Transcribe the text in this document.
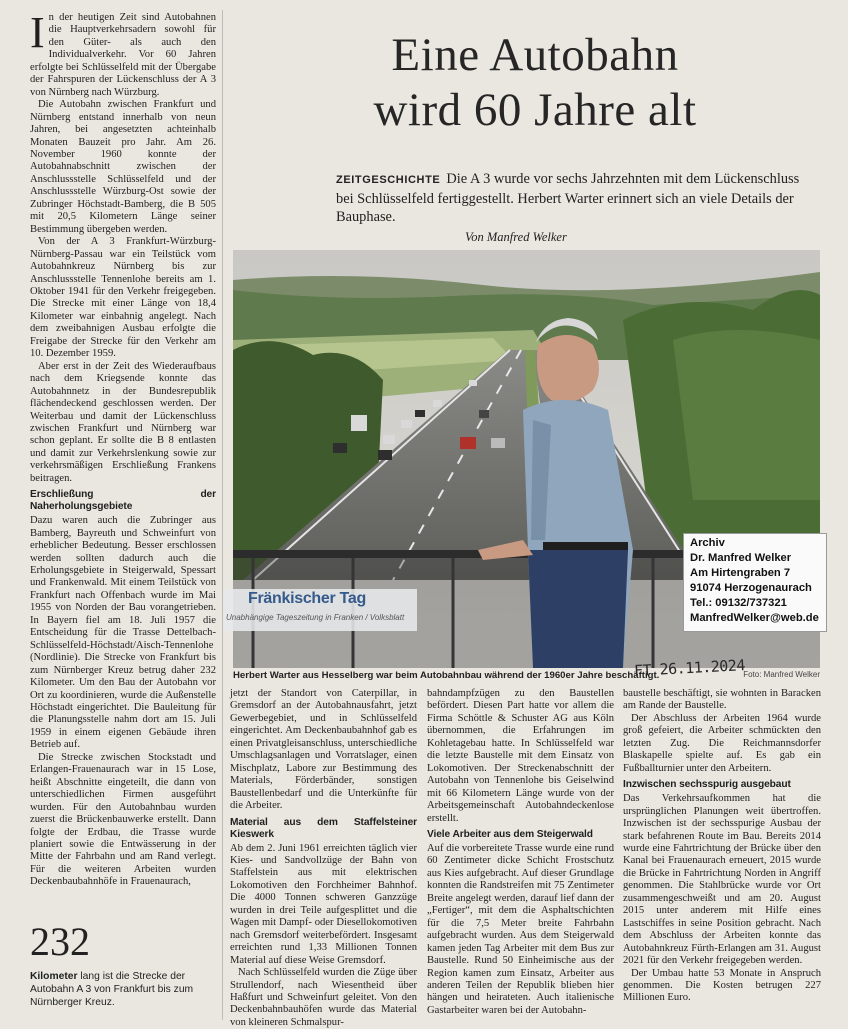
I n der heutigen Zeit sind Autobahnen die Hauptverkehrsadern sowohl für den Güter- als auch den Individualverkehr. Vor 60 Jahren erfolgte bei Schlüsselfeld mit der Übergabe der Fahrspuren der Lückenschluss der A 3 von Nürnberg nach Würzburg.

Die Autobahn zwischen Frankfurt und Nürnberg entstand innerhalb von neun Jahren, bei angesetzten achteinhalb Monaten Bauzeit pro Jahr. Am 26. November 1960 konnte der Autobahnabschnitt zwischen der Anschlussstelle Schlüsselfeld und der Anschlussstelle Würzburg-Ost sowie der Zubringer Höchstadt-Bamberg, die B 505 mit 20,5 Kilometern Länge seiner Bestimmung übergeben werden.

Von der A 3 Frankfurt-Würzburg-Nürnberg-Passau war ein Teilstück vom Autobahnkreuz Nürnberg bis zur Anschlussstelle Tennenlohe bereits am 1. Oktober 1941 für den Verkehr freigegeben. Die Strecke mit einer Länge von 18,4 Kilometer war einbahnig angelegt. Nach dem zweibahnigen Ausbau erfolgte die Freigabe der Strecke für den Verkehr am 10. Dezember 1959.

Aber erst in der Zeit des Wiederaufbaus nach dem Kriegsende konnte das Autobahnnetz in der Bundesrepublik flächendeckend geschlossen werden. Der Weiterbau und damit der Lückenschluss zwischen Frankfurt und Nürnberg war schon geplant. Er sollte die B 8 entlasten und damit zur Verkehrslenkung sowie zur verkehrsmäßigen Erschließung Frankens beitragen.

Erschließung der Naherholungsgebiete

Dazu waren auch die Zubringer aus Bamberg, Bayreuth und Schweinfurt von erheblicher Bedeutung. Besser erschlossen werden sollten dadurch auch die Erholungsgebiete in Steigerwald, Spessart und Frankenwald. Mit einem Teilstück von Frankfurt nach Offenbach wurde im Mai 1955 von Norden der Bau vorangetrieben. In Bayern fiel am 18. Juli 1957 die Entscheidung für die Trasse Dettelbach-Schlüsselfeld-Höchstadt/Aisch-Tennenlohe (Nordlinie). Die Strecke von Frankfurt bis zum Nürnberger Kreuz betrug daher 232 Kilometer. Um den Bau der Autobahn vor Ort zu koordinieren, wurde die Außenstelle Höchstadt eingerichtet. Die Bauleitung für die Planungsstelle nahm dort am 15. Juli 1959 in einem eigenen Gebäude ihren Betrieb auf.

Die Strecke zwischen Stockstadt und Erlangen-Frauenaurach war in 15 Lose, heißt Abschnitte eingeteilt, die dann von unterschiedlichen Firmen ausgeführt wurden. Für den Autobahnbau wurden zuerst die Brückenbauwerke erstellt. Dann folgte der Erdbau, die Trasse wurde planiert sowie die Entwässerung in der Mitte der Fahrbahn und am Rand verlegt. Für die weiteren Arbeiten wurden Deckenbaubahnhöfe in Frauenaurach,

Eine Autobahn
wird 60 Jahre alt
ZEITGESCHICHTE Die A 3 wurde vor sechs Jahrzehnten mit dem Lückenschluss bei Schlüsselfeld fertiggestellt. Herbert Warter erinnert sich an viele Details der Bauphase.
Von Manfred Welker
Fränkischer Tag
Unabhängige Tageszeitung in Franken / Volksblatt
Archiv
Dr. Manfred Welker
Am Hirtengraben 7
91074 Herzogenaurach
Tel.: 09132/737321
ManfredWelker@web.de
Herbert Warter aus Hesselberg war beim Autobahnbau während der 1960er Jahre beschäftigt.	Foto: Manfred Welker
FT 26.11.2024

jetzt der Standort von Caterpillar, in Gremsdorf an der Autobahnausfahrt, jetzt Gewerbegebiet, und in Schlüsselfeld eingerichtet. Am Deckenbaubahnhof gab es einen Privatgleisanschluss, unterschiedliche Umschlagsanlagen und Vorratslager, einen Mischplatz, Labore zur Bestimmung des Materials, Förderbänder, sonstigen Baustellenbedarf und die Unterkünfte für die Arbeiter.

Material aus dem Staffelsteiner Kieswerk

Ab dem 2. Juni 1961 erreichten täglich vier Kies- und Sandvollzüge der Bahn von Staffelstein aus mit elektrischen Lokomotiven den Forchheimer Bahnhof. Die 4000 Tonnen schweren Ganzzüge wurden in drei Teile aufgesplittet und die Wagen mit Dampf- oder Diesellokomotiven nach Gremsdorf weiterbefördert. Insgesamt erreichten rund 1,33 Millionen Tonnen Material auf diese Weise Gremsdorf.

Nach Schlüsselfeld wurden die Züge über Strullendorf, nach Wiesentheid über Haßfurt und Schweinfurt geleitet. Von den Deckenbahnbauhöfen wurde das Material von kleineren Schmalspur-

bahndampfzügen zu den Baustellen befördert. Diesen Part hatte vor allem die Firma Schöttle & Schuster AG aus Köln übernommen, die Erfahrungen im Kohletagebau hatte. In Schlüsselfeld war die letzte Baustelle mit dem Einsatz von Lokomotiven. Der Streckenabschnitt der Autobahn von Tennenlohe bis Geiselwind mit 66 Kilometern Länge wurde von der Arbeitsgemeinschaft Autobahndeckenlose erstellt.

Viele Arbeiter aus dem Steigerwald

Auf die vorbereitete Trasse wurde eine rund 60 Zentimeter dicke Schicht Frostschutz aus Kies aufgebracht. Auf dieser Grundlage konnten die Randstreifen mit 75 Zentimeter Breite angelegt werden, darauf lief dann der „Fertiger“, mit dem die Asphaltschichten für die 7,5 Meter breite Fahrbahn aufgebracht wurden. Aus dem Steigerwald kamen jeden Tag Arbeiter mit dem Bus zur Baustelle. Rund 50 Einheimische aus der Region kamen zum Einsatz, Arbeiter aus anderen Teilen der Republik blieben hier hängen und heirateten. Auch italienische Gastarbeiter waren bei der Autobahn-

baustelle beschäftigt, sie wohnten in Baracken am Rande der Baustelle.

Der Abschluss der Arbeiten 1964 wurde groß gefeiert, die Arbeiter schmückten den letzten Zug. Die Reichmannsdorfer Blaskapelle spielte auf. Es gab ein Fußballturnier unter den Arbeitern.

Inzwischen sechsspurig ausgebaut

Das Verkehrsaufkommen hat die ursprünglichen Planungen weit übertroffen. Inzwischen ist der sechsspurige Ausbau der stark befahrenen Route im Bau. Bereits 2014 wurde eine Fahrtrichtung der Brücke über den Kanal bei Frauenaurach erneuert, 2015 wurde die Brücke in Fahrtrichtung Norden in Angriff genommen. Die Stahlbrücke wurde vor Ort zusammengeschweißt und am 20. August 2015 unter anderem mit Hilfe eines Lastschiffes in seine Position gebracht. Nach dem Abschluss der Arbeiten konnte das Autobahnkreuz Fürth-Erlangen am 31. August 2021 für den Verkehr freigegeben werden.

Der Umbau hatte 53 Monate in Anspruch genommen. Die Kosten betrugen 227 Millionen Euro.

232
Kilometer lang ist die Strecke der Autobahn A 3 von Frankfurt bis zum Nürnberger Kreuz.
